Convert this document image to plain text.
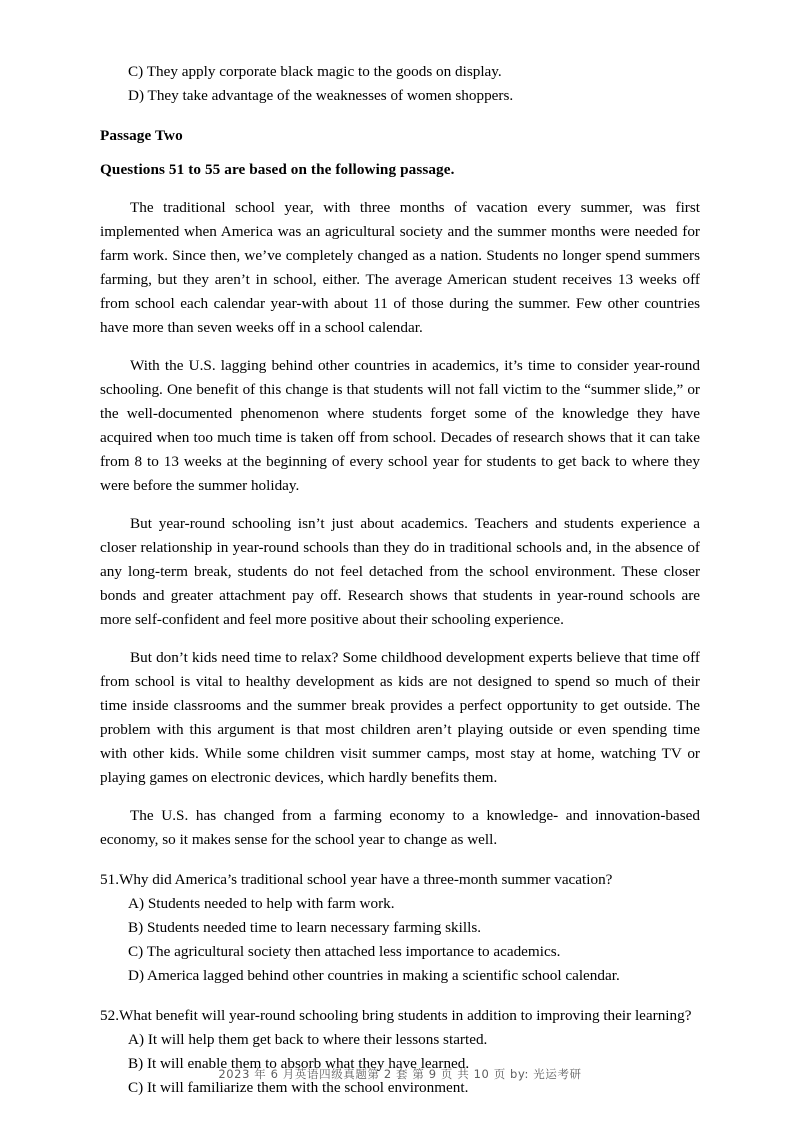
C) They apply corporate black magic to the goods on display.

D) They take advantage of the weaknesses of women shoppers.

Passage Two

Questions 51 to 55 are based on the following passage.

The traditional school year, with three months of vacation every summer, was first implemented when America was an agricultural society and the summer months were needed for farm work. Since then, we’ve completely changed as a nation. Students no longer spend summers farming, but they aren’t in school, either. The average American student receives 13 weeks off from school each calendar year-with about 11 of those during the summer. Few other countries have more than seven weeks off in a school calendar.

With the U.S. lagging behind other countries in academics, it’s time to consider year-round schooling. One benefit of this change is that students will not fall victim to the “summer slide,” or the well-documented phenomenon where students forget some of the knowledge they have acquired when too much time is taken off from school. Decades of research shows that it can take from 8 to 13 weeks at the beginning of every school year for students to get back to where they were before the summer holiday.

But year-round schooling isn’t just about academics. Teachers and students experience a closer relationship in year-round schools than they do in traditional schools and, in the absence of any long-term break, students do not feel detached from the school environment. These closer bonds and greater attachment pay off. Research shows that students in year-round schools are more self-confident and feel more positive about their schooling experience.

But don’t kids need time to relax? Some childhood development experts believe that time off from school is vital to healthy development as kids are not designed to spend so much of their time inside classrooms and the summer break provides a perfect opportunity to get outside. The problem with this argument is that most children aren’t playing outside or even spending time with other kids. While some children visit summer camps, most stay at home, watching TV or playing games on electronic devices, which hardly benefits them.

The U.S. has changed from a farming economy to a knowledge- and innovation-based economy, so it makes sense for the school year to change as well.

51.Why did America’s traditional school year have a three-month summer vacation?

A) Students needed to help with farm work.
B) Students needed time to learn necessary farming skills.
C) The agricultural society then attached less importance to academics.
D) America lagged behind other countries in making a scientific school calendar.

52.What benefit will year-round schooling bring students in addition to improving their learning?

A) It will help them get back to where their lessons started.
B) It will enable them to absorb what they have learned.
C) It will familiarize them with the school environment.
2023 年 6 月英语四级真题第 2 套 第 9 页 共 10 页 by: 光运考研
